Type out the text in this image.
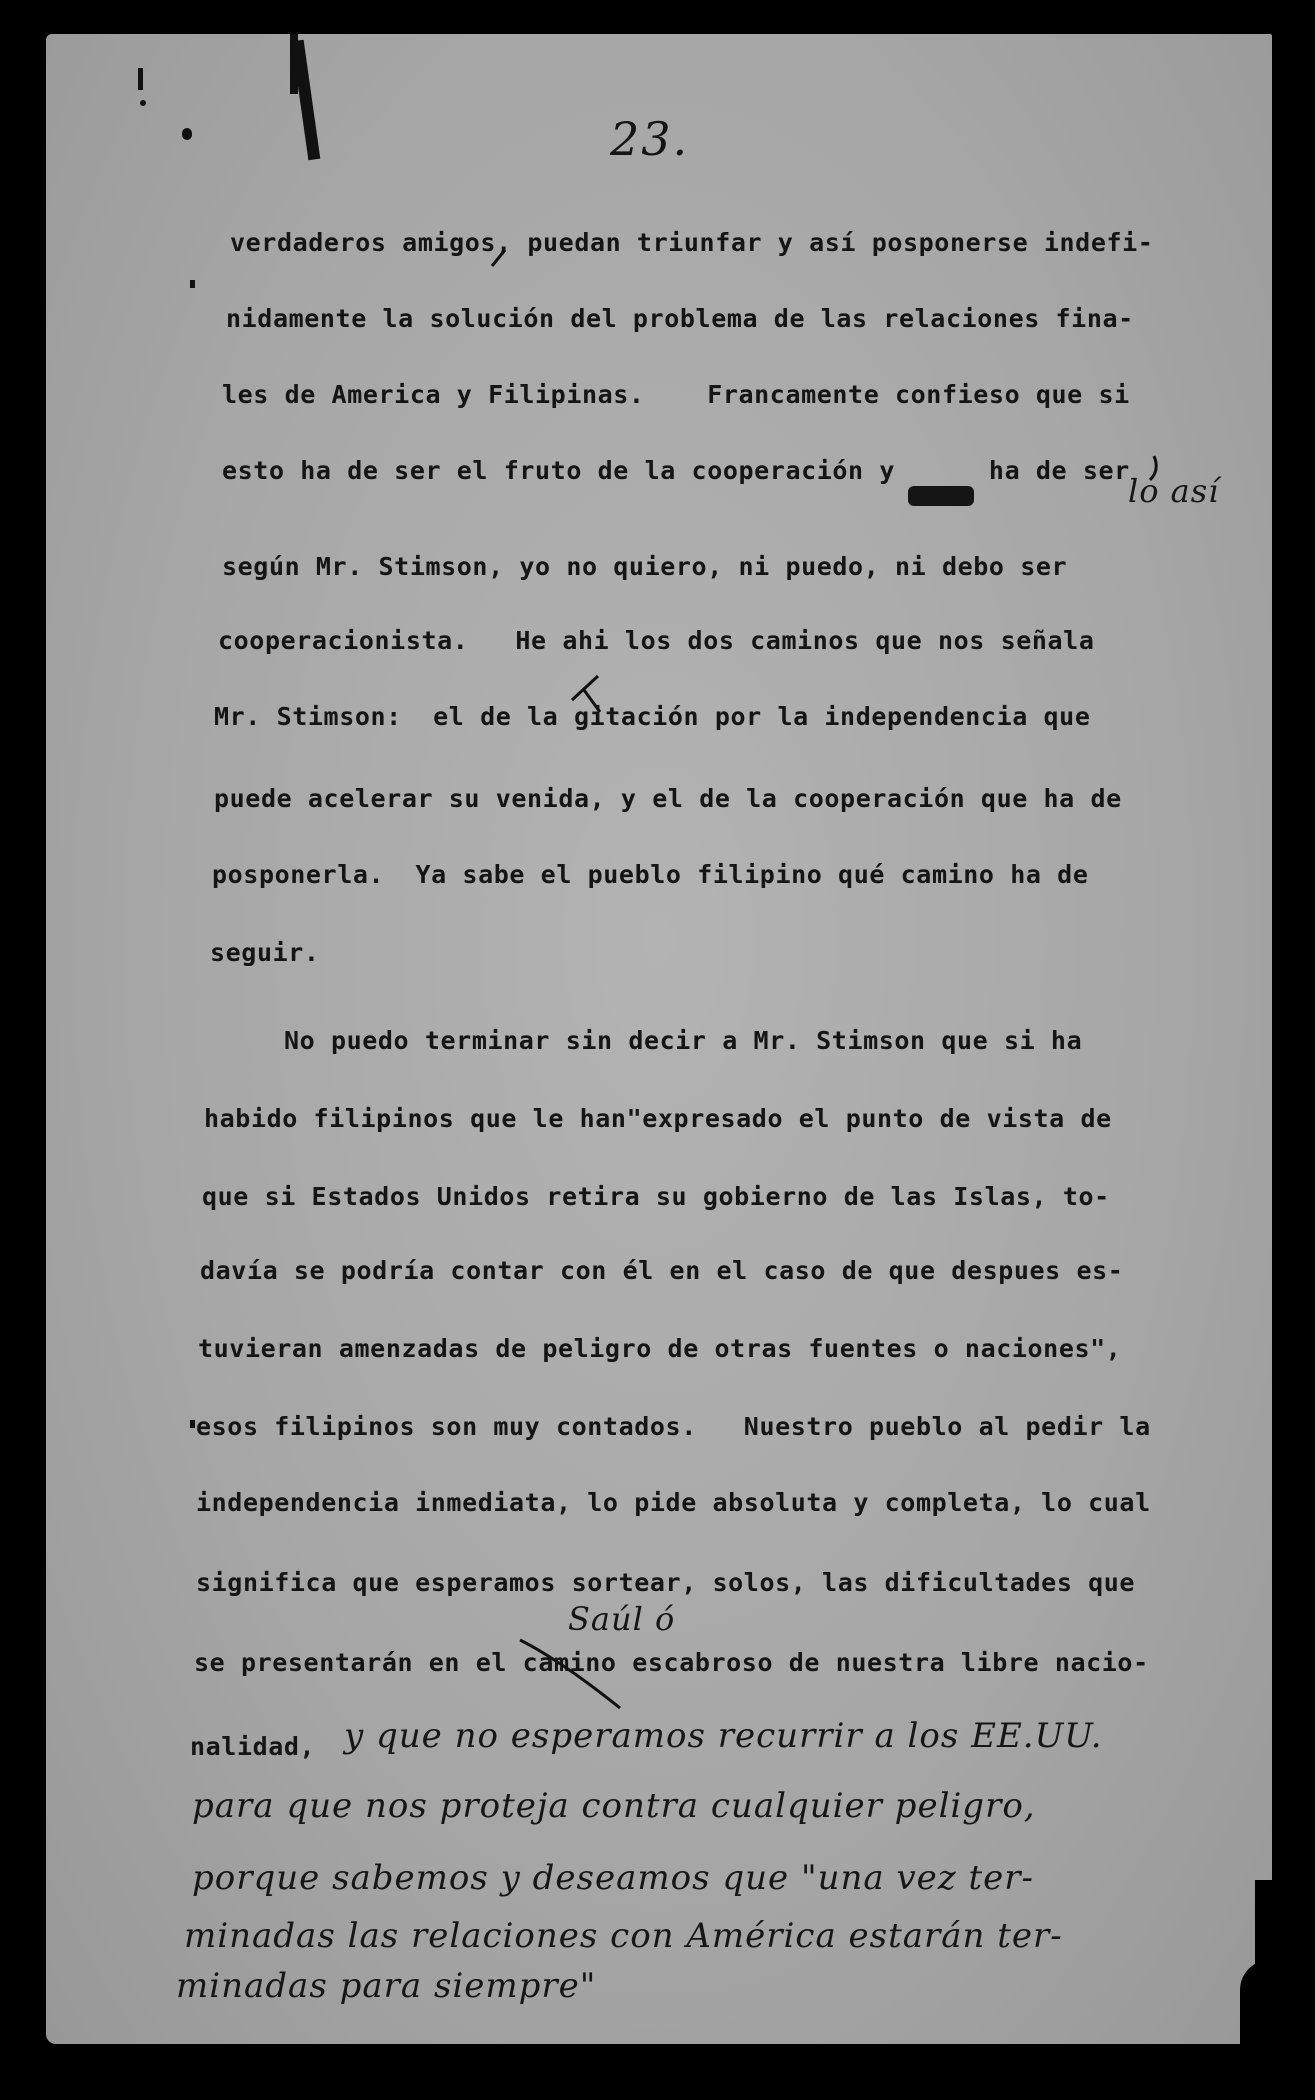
23.
verdaderos amigos, puedan triunfar y así posponerse indefi-
nidamente la solución del problema de las relaciones fina-
les de America y Filipinas.    Francamente confieso que si
esto ha de ser el fruto de la cooperación y      ha de ser
según Mr. Stimson, yo no quiero, ni puedo, ni debo ser
cooperacionista.   He ahi los dos caminos que nos señala
Mr. Stimson:  el de la gitación por la independencia que
puede acelerar su venida, y el de la cooperación que ha de
posponerla.  Ya sabe el pueblo filipino qué camino ha de
seguir.
No puedo terminar sin decir a Mr. Stimson que si ha
habido filipinos que le han"expresado el punto de vista de
que si Estados Unidos retira su gobierno de las Islas, to-
davía se podría contar con él en el caso de que despues es-
tuvieran amenzadas de peligro de otras fuentes o naciones",
esos filipinos son muy contados.   Nuestro pueblo al pedir la
independencia inmediata, lo pide absoluta y completa, lo cual
significa que esperamos sortear, solos, las dificultades que
se presentarán en el camino escabroso de nuestra libre nacio-
nalidad,
lo así
Saúl ó
y que no esperamos recurrir a los EE.UU.
para que nos proteja contra cualquier peligro,
porque sabemos y deseamos que "una vez ter-
minadas las relaciones con América estarán ter-
minadas para siempre"
